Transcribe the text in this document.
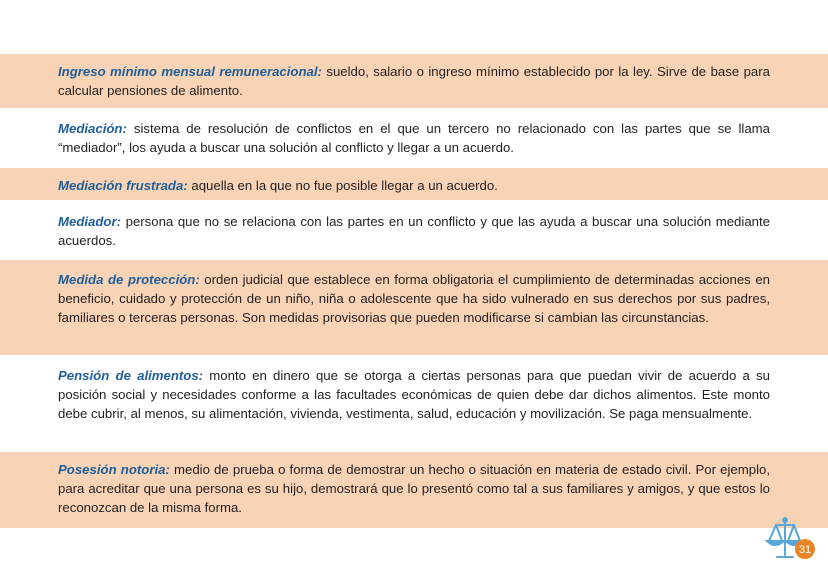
Ingreso mínimo mensual remuneracional: sueldo, salario o ingreso mínimo establecido por la ley. Sirve de base para calcular pensiones de alimento.
Mediación: sistema de resolución de conflictos en el que un tercero no relacionado con las partes que se llama “mediador”, los ayuda a buscar una solución al conflicto y llegar a un acuerdo.
Mediación frustrada: aquella en la que no fue posible llegar a un acuerdo.
Mediador: persona que no se relaciona con las partes en un conflicto y que las ayuda a buscar una solución mediante acuerdos.
Medida de protección: orden judicial que establece en forma obligatoria el cumplimiento de determinadas acciones en beneficio, cuidado y protección de un niño, niña o adolescente que ha sido vulnerado en sus derechos por sus padres, familiares o terceras personas. Son medidas provisorias que pueden modificarse si cambian las circunstancias.
Pensión de alimentos: monto en dinero que se otorga a ciertas personas para que puedan vivir de acuerdo a su posición social y necesidades conforme a las facultades económicas de quien debe dar dichos alimentos. Este monto debe cubrir, al menos, su alimentación, vivienda, vestimenta, salud, educación y movilización. Se paga mensualmente.
Posesión notoria: medio de prueba o forma de demostrar un hecho o situación en materia de estado civil. Por ejemplo, para acreditar que una persona es su hijo, demostrará que lo presentó como tal a sus familiares y amigos, y que estos lo reconozcan de la misma forma.
31
